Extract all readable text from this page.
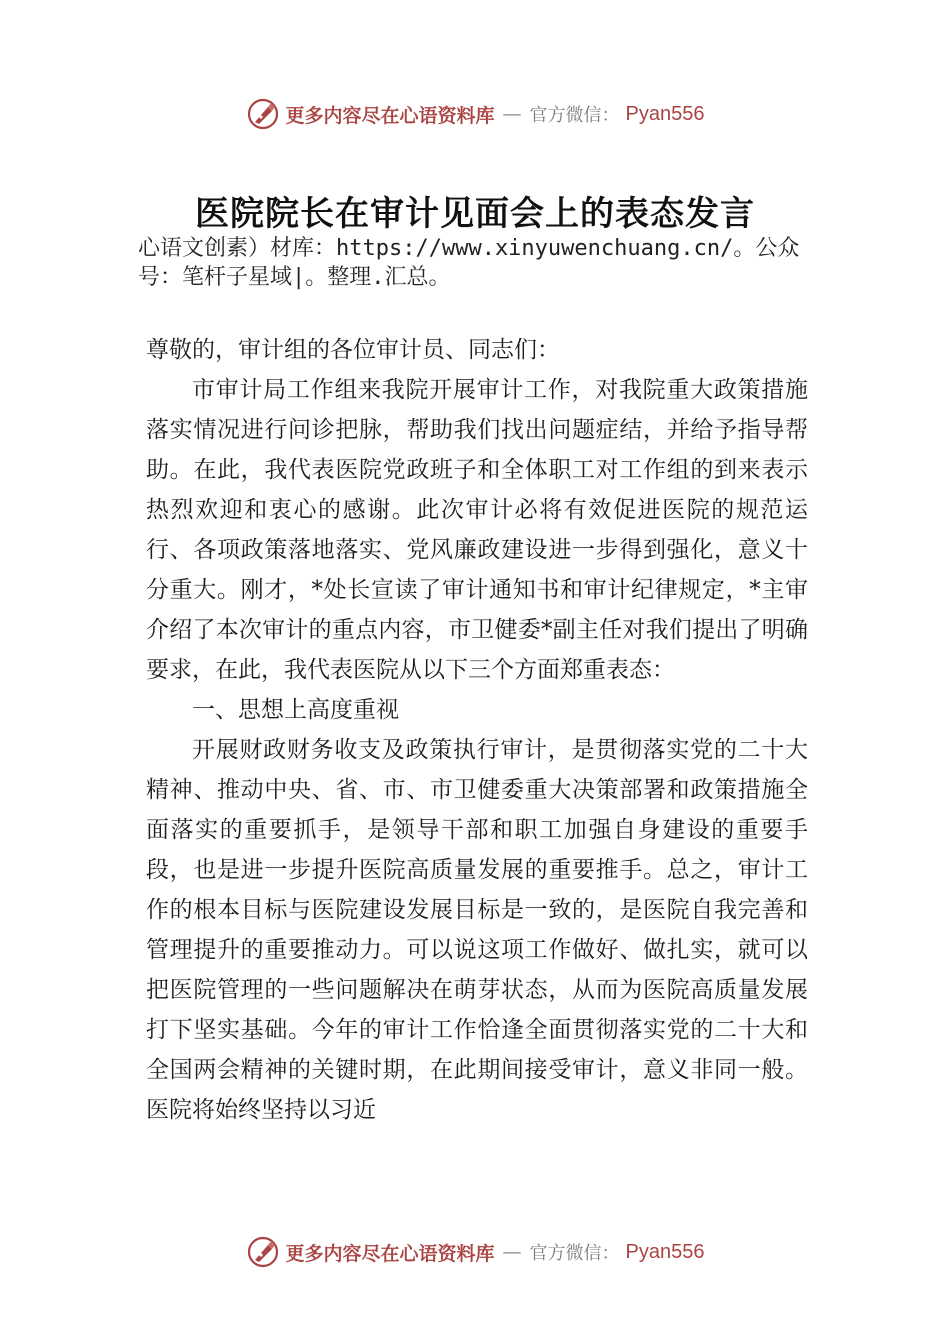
更多内容尽在心语资料库 — 官方微信： Pyan556
医院院长在审计见面会上的表态发言
心语文创素）材库：https://www.xinyuwenchuang.cn/。公众号：笔杆子星域|。整理.汇总。

尊敬的，审计组的各位审计员、同志们：

市审计局工作组来我院开展审计工作，对我院重大政策措施落实情况进行问诊把脉，帮助我们找出问题症结，并给予指导帮助。在此，我代表医院党政班子和全体职工对工作组的到来表示热烈欢迎和衷心的感谢。此次审计必将有效促进医院的规范运行、各项政策落地落实、党风廉政建设进一步得到强化，意义十分重大。刚才，*处长宣读了审计通知书和审计纪律规定，*主审介绍了本次审计的重点内容，市卫健委*副主任对我们提出了明确要求，在此，我代表医院从以下三个方面郑重表态：

一、思想上高度重视

开展财政财务收支及政策执行审计，是贯彻落实党的二十大精神、推动中央、省、市、市卫健委重大决策部署和政策措施全面落实的重要抓手，是领导干部和职工加强自身建设的重要手段，也是进一步提升医院高质量发展的重要推手。总之，审计工作的根本目标与医院建设发展目标是一致的，是医院自我完善和管理提升的重要推动力。可以说这项工作做好、做扎实，就可以把医院管理的一些问题解决在萌芽状态，从而为医院高质量发展打下坚实基础。今年的审计工作恰逢全面贯彻落实党的二十大和全国两会精神的关键时期，在此期间接受审计，意义非同一般。医院将始终坚持以习近

更多内容尽在心语资料库 — 官方微信： Pyan556
